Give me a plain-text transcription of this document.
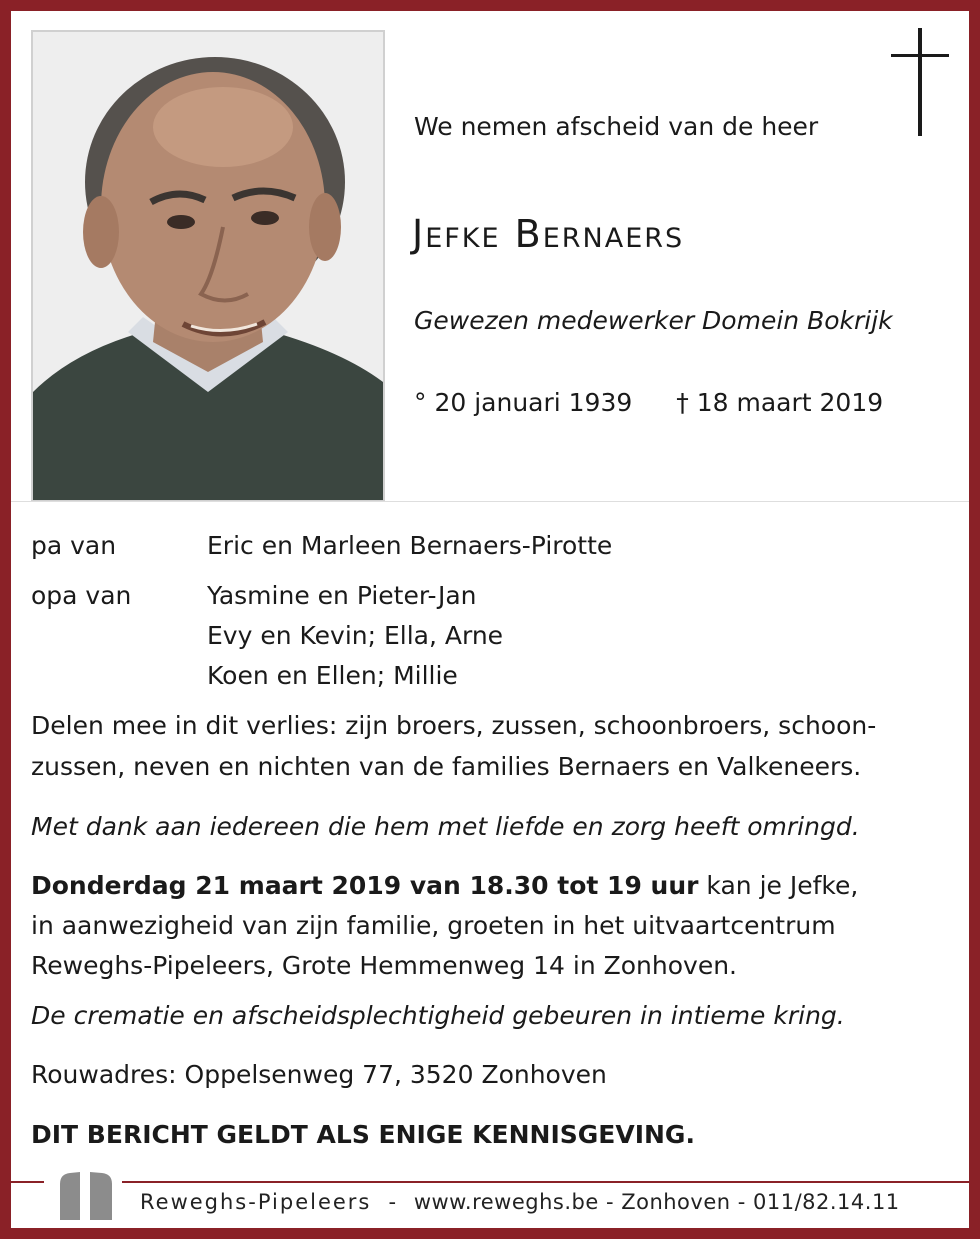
We nemen afscheid van de heer
Jefke Bernaers
Gewezen medewerker Domein Bokrijk
° 20 januari 1939 † 18 maart 2019
pa van	Eric en Marleen Bernaers-Pirotte
opa van	Yasmine en Pieter-Jan
Evy en Kevin; Ella, Arne
Koen en Ellen; Millie
Delen mee in dit verlies: zijn broers, zussen, schoonbroers, schoon-
zussen, neven en nichten van de families Bernaers en Valkeneers.
Met dank aan iedereen die hem met liefde en zorg heeft omringd.
Donderdag 21 maart 2019 van 18.30 tot 19 uur kan je Jefke,
in aanwezigheid van zijn familie, groeten in het uitvaartcentrum
Reweghs-Pipeleers, Grote Hemmenweg 14 in Zonhoven.
De crematie en afscheidsplechtigheid gebeuren in intieme kring.
Rouwadres: Oppelsenweg 77, 3520 Zonhoven
DIT BERICHT GELDT ALS ENIGE KENNISGEVING.
Reweghs-Pipeleers - www.reweghs.be - Zonhoven - 011/82.14.11
